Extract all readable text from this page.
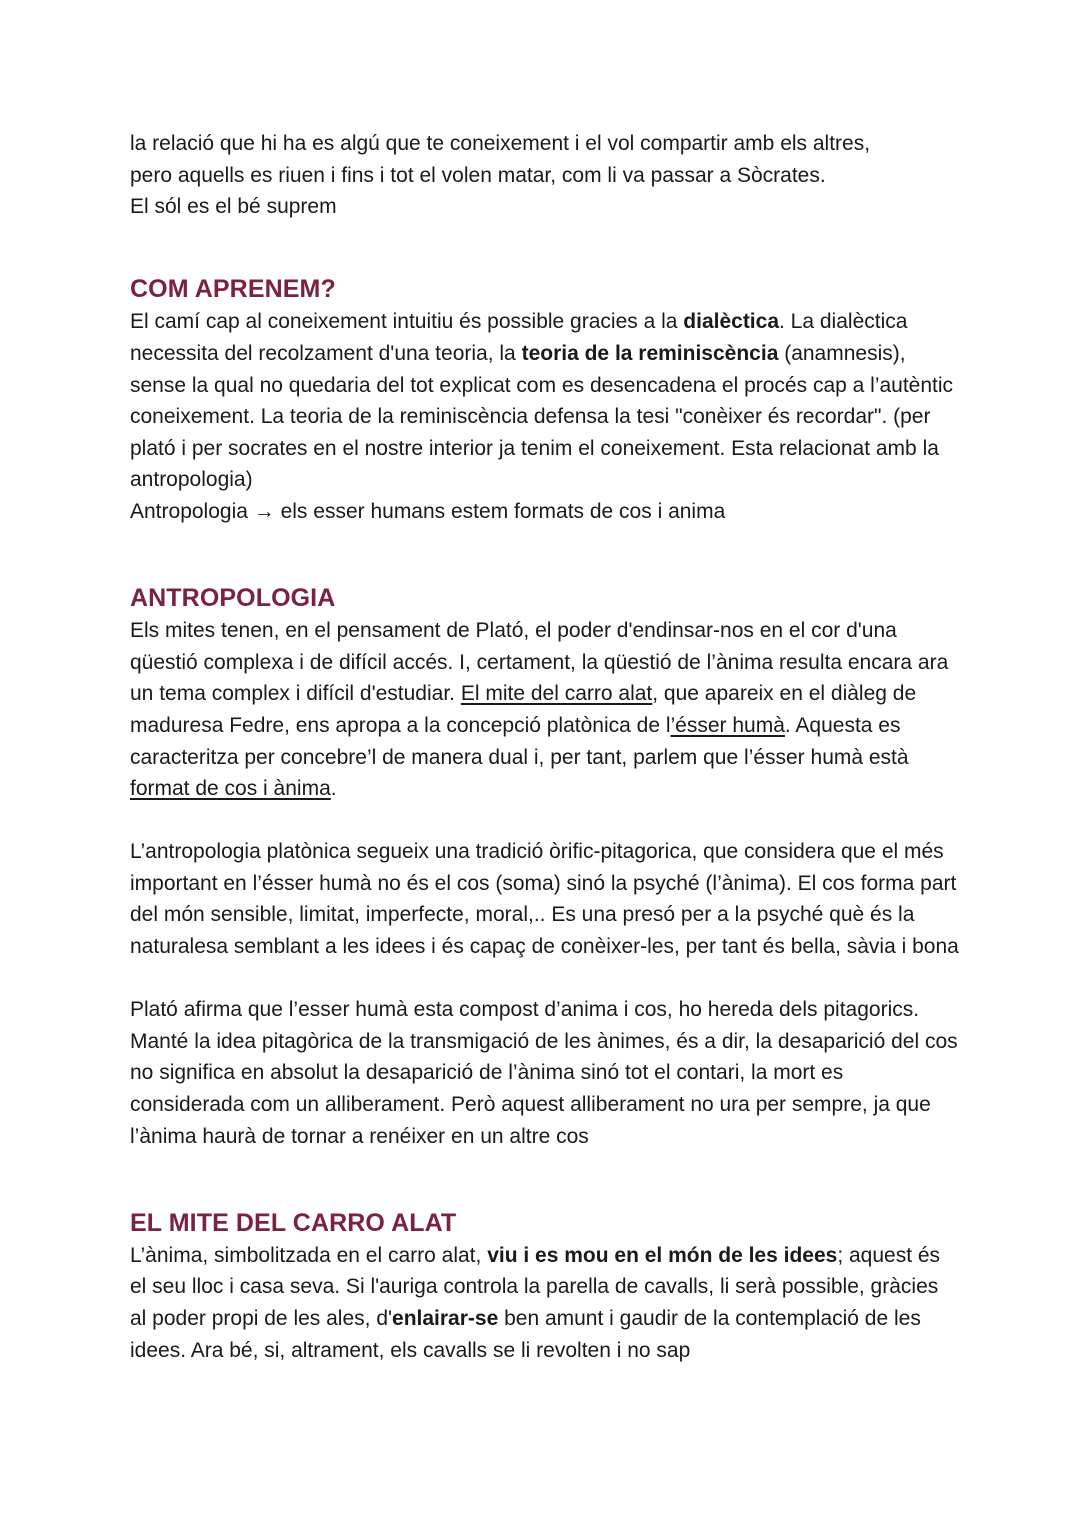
la relació que hi ha es algú que te coneixement i el vol compartir amb els altres,
pero aquells es riuen i fins i tot el volen matar, com li va passar a Sòcrates.
El sól es el bé suprem

COM APRENEM?

El camí cap al coneixement intuitiu és possible gracies a la dialèctica. La dialèctica necessita del recolzament d'una teoria, la teoria de la reminiscència (anamnesis), sense la qual no quedaria del tot explicat com es desencadena el procés cap a l’autèntic coneixement. La teoria de la reminiscència defensa la tesi "conèixer és recordar". (per plató i per socrates en el nostre interior ja tenim el coneixement. Esta relacionat amb la antropologia)

Antropologia → els esser humans estem formats de cos i anima

ANTROPOLOGIA

Els mites tenen, en el pensament de Plató, el poder d'endinsar-nos en el cor d'una qüestió complexa i de difícil accés. I, certament, la qüestió de l’ànima resulta encara ara un tema complex i difícil d'estudiar. El mite del carro alat, que apareix en el diàleg de maduresa Fedre, ens apropa a la concepció platònica de l’ésser humà. Aquesta es caracteritza per concebre’l de manera dual i, per tant, parlem que l’ésser humà està format de cos i ànima.

L’antropologia platònica segueix una tradició òrific-pitagorica, que considera que el més important en l’ésser humà no és el cos (soma) sinó la psyché (l’ànima). El cos forma part del món sensible, limitat, imperfecte, moral,.. Es una presó per a la psyché què és la naturalesa semblant a les idees i és capaç de conèixer-les, per tant és bella, sàvia i bona

Plató afirma que l’esser humà esta compost d’anima i cos, ho hereda dels pitagorics. Manté la idea pitagòrica de la transmigació de les ànimes, és a dir, la desaparició del cos no significa en absolut la desaparició de l’ànima sinó tot el contari, la mort es considerada com un alliberament. Però aquest alliberament no ura per sempre, ja que l’ànima haurà de tornar a renéixer en un altre cos

EL MITE DEL CARRO ALAT

L’ànima, simbolitzada en el carro alat, viu i es mou en el món de les idees; aquest és el seu lloc i casa seva. Si l'auriga controla la parella de cavalls, li serà possible, gràcies al poder propi de les ales, d'enlairar-se ben amunt i gaudir de la contemplació de les idees. Ara bé, si, altrament, els cavalls se li revolten i no sap
